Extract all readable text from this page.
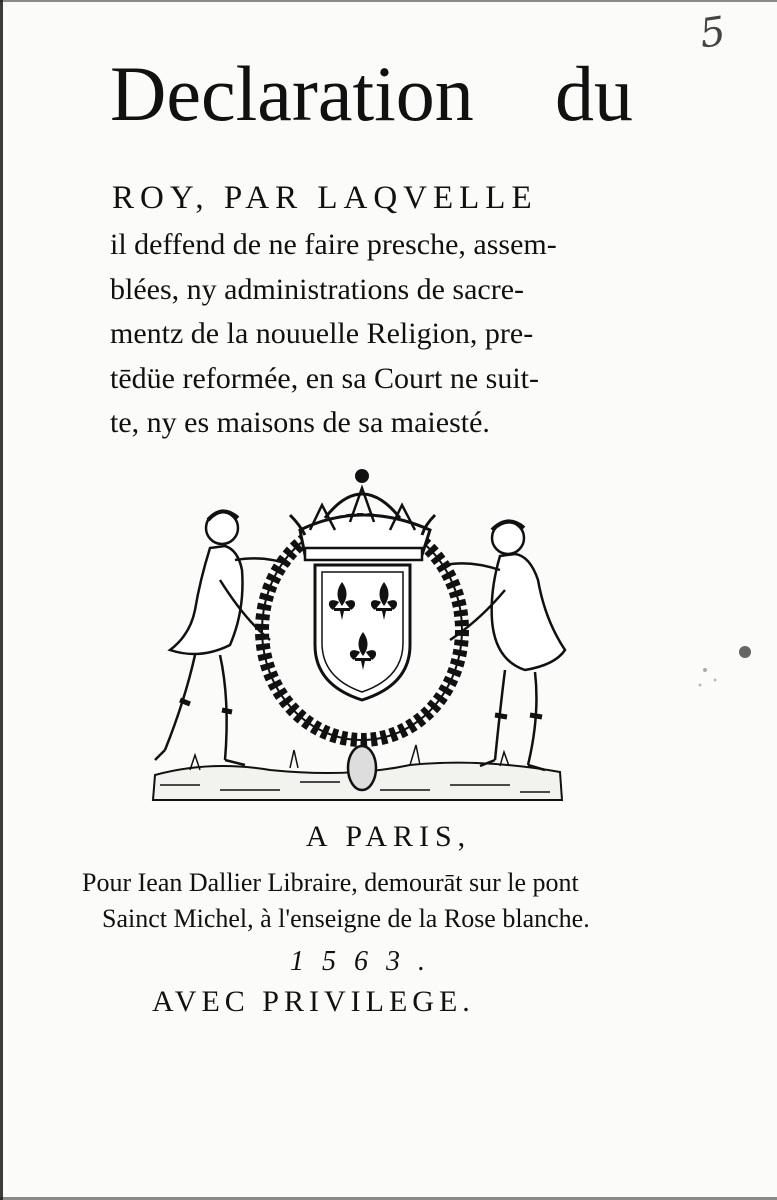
5
Declaration du
ROY, PAR LAQVELLE
il deffend de ne faire presche, assem-
blées, ny administrations de sacre-
mentz de la nouuelle Religion, pre-
tēdüe reformée, en sa Court ne suit-
te, ny es maisons de sa maiesté.
A PARIS,
Pour Iean Dallier Libraire, demourāt sur le pont
Sainct Michel, à l'enseigne de la Rose blanche.
1563.
AVEC PRIVILEGE.
